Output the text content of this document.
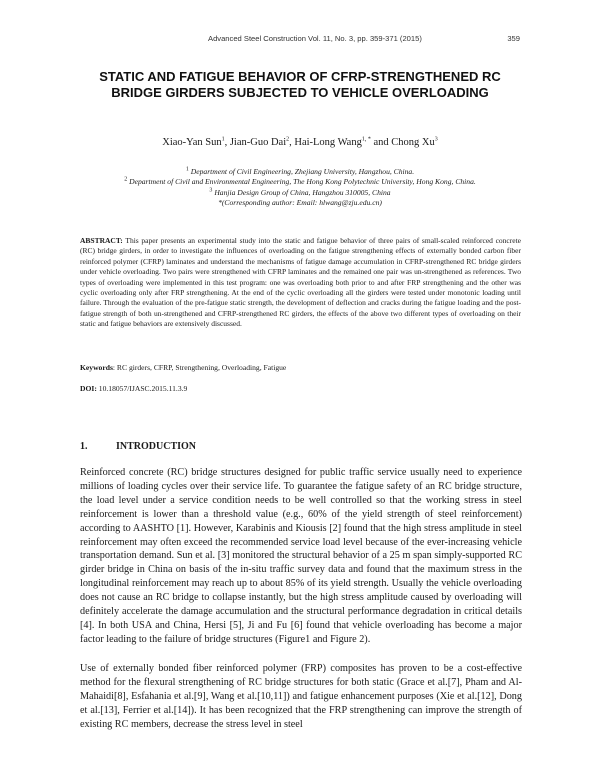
Advanced Steel Construction Vol. 11, No. 3, pp. 359-371 (2015)	359
STATIC AND FATIGUE BEHAVIOR OF CFRP-STRENGTHENED RC BRIDGE GIRDERS SUBJECTED TO VEHICLE OVERLOADING
Xiao-Yan Sun$^1$, Jian-Guo Dai$^2$, Hai-Long Wang$^{1, *}$ and Chong Xu$^3$
$^1$ Department of Civil Engineering, Zhejiang University, Hangzhou, China.
$^2$ Department of Civil and Environmental Engineering, The Hong Kong Polytechnic University, Hong Kong, China.
$^3$ Hanjia Design Group of China, Hangzhou 310005, China
*(Corresponding author: Email: hlwang@zju.edu.cn)

ABSTRACT: This paper presents an experimental study into the static and fatigue behavior of three pairs of small-scaled reinforced concrete (RC) bridge girders, in order to investigate the influences of overloading on the fatigue strengthening effects of externally bonded carbon fiber reinforced polymer (CFRP) laminates and understand the mechanisms of fatigue damage accumulation in CFRP-strengthened RC bridge girders under vehicle overloading. Two pairs were strengthened with CFRP laminates and the remained one pair was un-strengthened as references. Two types of overloading were implemented in this test program: one was overloading both prior to and after FRP strengthening and the other was cyclic overloading only after FRP strengthening. At the end of the cyclic overloading all the girders were tested under monotonic loading until failure. Through the evaluation of the pre-fatigue static strength, the development of deflection and cracks during the fatigue loading and the post-fatigue strength of both un-strengthened and CFRP-strengthened RC girders, the effects of the above two different types of overloading on their static and fatigue behaviors are extensively discussed.

Keywords: RC girders, CFRP, Strengthening, Overloading, Fatigue

DOI: 10.18057/IJASC.2015.11.3.9

1.	INTRODUCTION

Reinforced concrete (RC) bridge structures designed for public traffic service usually need to experience millions of loading cycles over their service life. To guarantee the fatigue safety of an RC bridge structure, the load level under a service condition needs to be well controlled so that the working stress in steel reinforcement is lower than a threshold value (e.g., 60% of the yield strength of steel reinforcement) according to AASHTO [1]. However, Karabinis and Kiousis [2] found that the high stress amplitude in steel reinforcement may often exceed the recommended service load level because of the ever-increasing vehicle transportation demand. Sun et al. [3] monitored the structural behavior of a 25 m span simply-supported RC girder bridge in China on basis of the in-situ traffic survey data and found that the maximum stress in the longitudinal reinforcement may reach up to about 85% of its yield strength. Usually the vehicle overloading does not cause an RC bridge to collapse instantly, but the high stress amplitude caused by overloading will definitely accelerate the damage accumulation and the structural performance degradation in critical details [4]. In both USA and China, Hersi [5], Ji and Fu [6] found that vehicle overloading has become a major factor leading to the failure of bridge structures (Figure1 and Figure 2).

Use of externally bonded fiber reinforced polymer (FRP) composites has proven to be a cost-effective method for the flexural strengthening of RC bridge structures for both static (Grace et al.[7], Pham and Al-Mahaidi[8], Esfahania et al.[9], Wang et al.[10,11]) and fatigue enhancement purposes (Xie et al.[12], Dong et al.[13], Ferrier et al.[14]). It has been recognized that the FRP strengthening can improve the strength of existing RC members, decrease the stress level in steel
